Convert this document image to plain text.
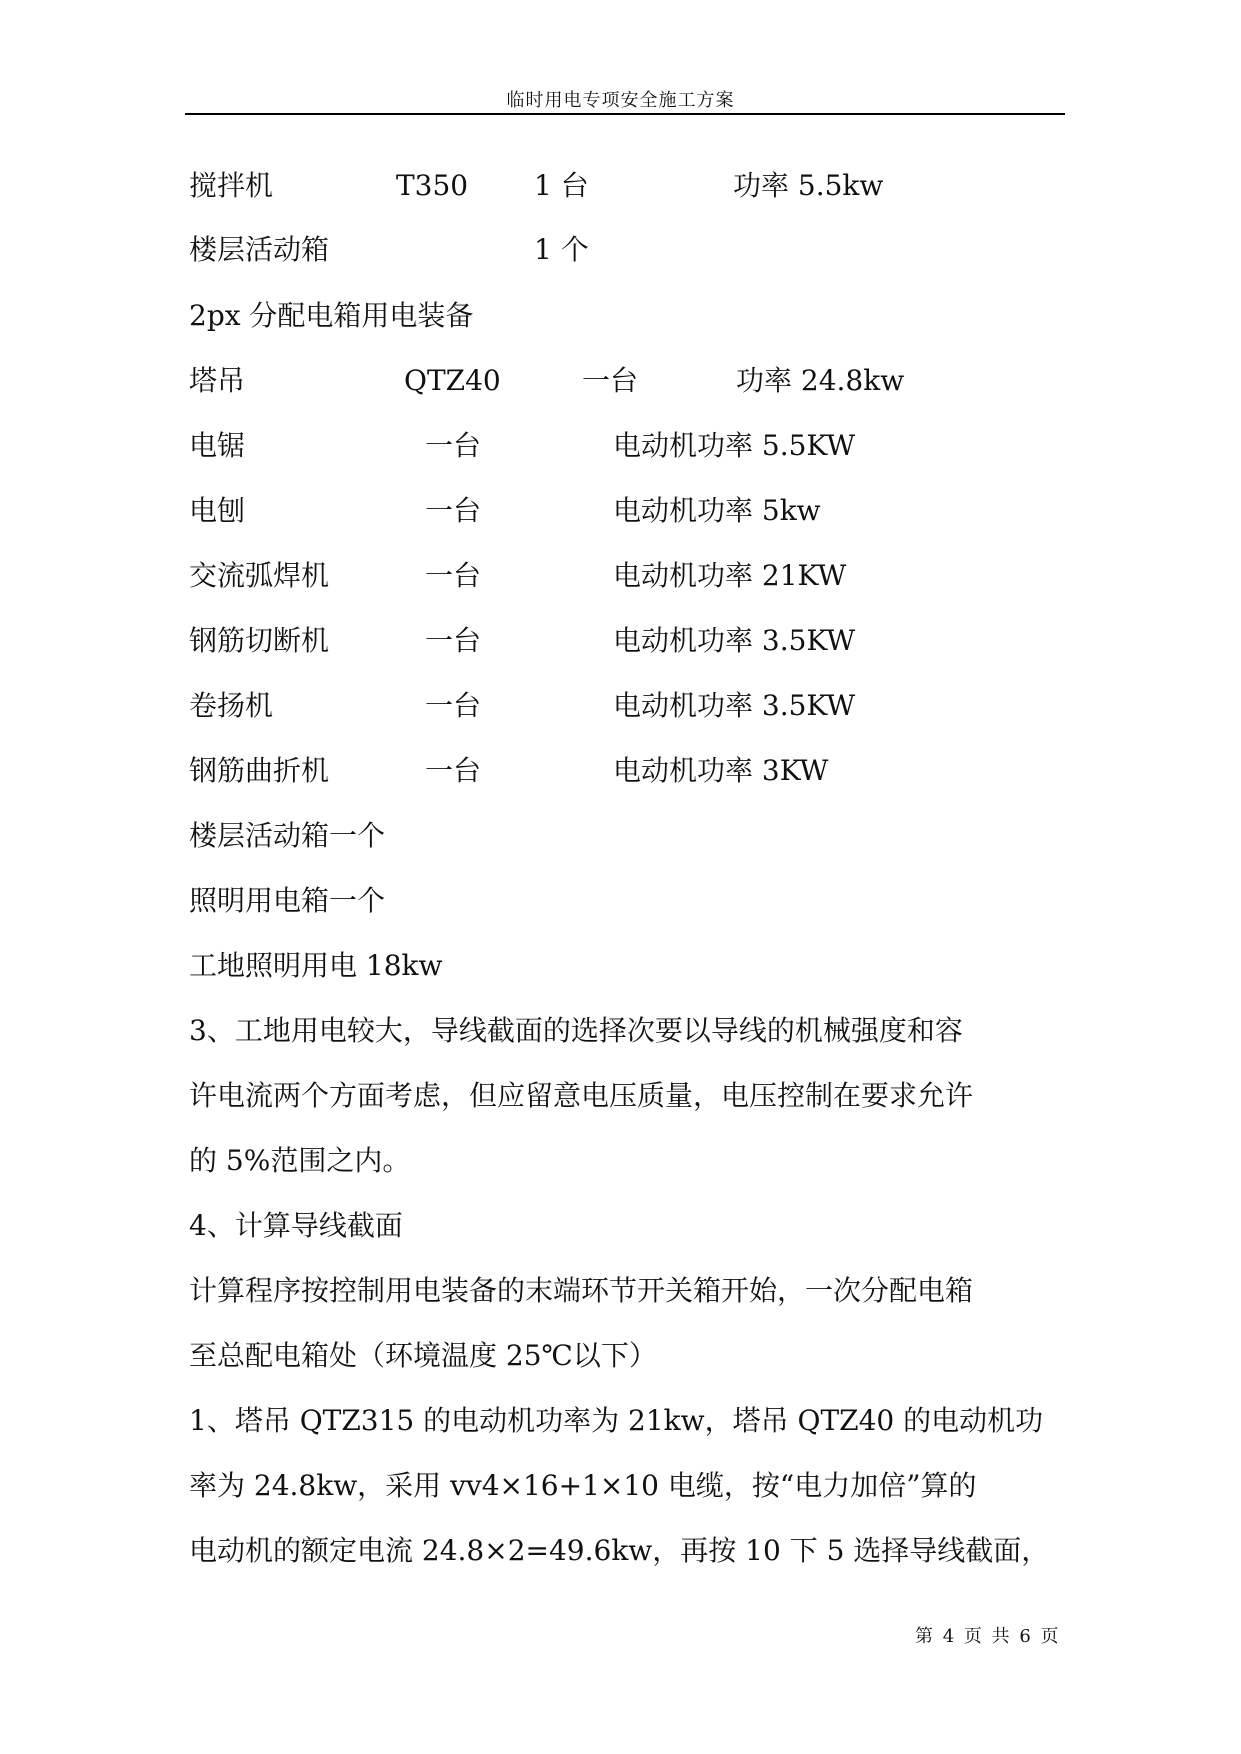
临时用电专项安全施工方案
搅拌机	T350 1 台	功率 5.5kw
楼层活动箱	1 个
2px 分配电箱用电装备
塔吊	QTZ40	一台	功率 24.8kw
电锯	一台	电动机功率 5.5KW
电刨	一台	电动机功率 5kw
交流弧焊机	一台	电动机功率 21KW
钢筋切断机	一台	电动机功率 3.5KW
卷扬机	一台	电动机功率 3.5KW
钢筋曲折机	一台	电动机功率 3KW
楼层活动箱一个
照明用电箱一个
工地照明用电 18kw
3、工地用电较大，导线截面的选择次要以导线的机械强度和容
许电流两个方面考虑，但应留意电压质量，电压控制在要求允许
的 5%范围之内。
4、计算导线截面
计算程序按控制用电装备的末端环节开关箱开始，一次分配电箱
至总配电箱处（环境温度 25℃以下）
1、塔吊 QTZ315 的电动机功率为 21kw，塔吊 QTZ40 的电动机功
率为 24.8kw，采用 vv4×16+1×10 电缆，按“电力加倍”算的
电动机的额定电流 24.8×2=49.6kw，再按 10 下 5 选择导线截面，
第 4 页 共 6 页
